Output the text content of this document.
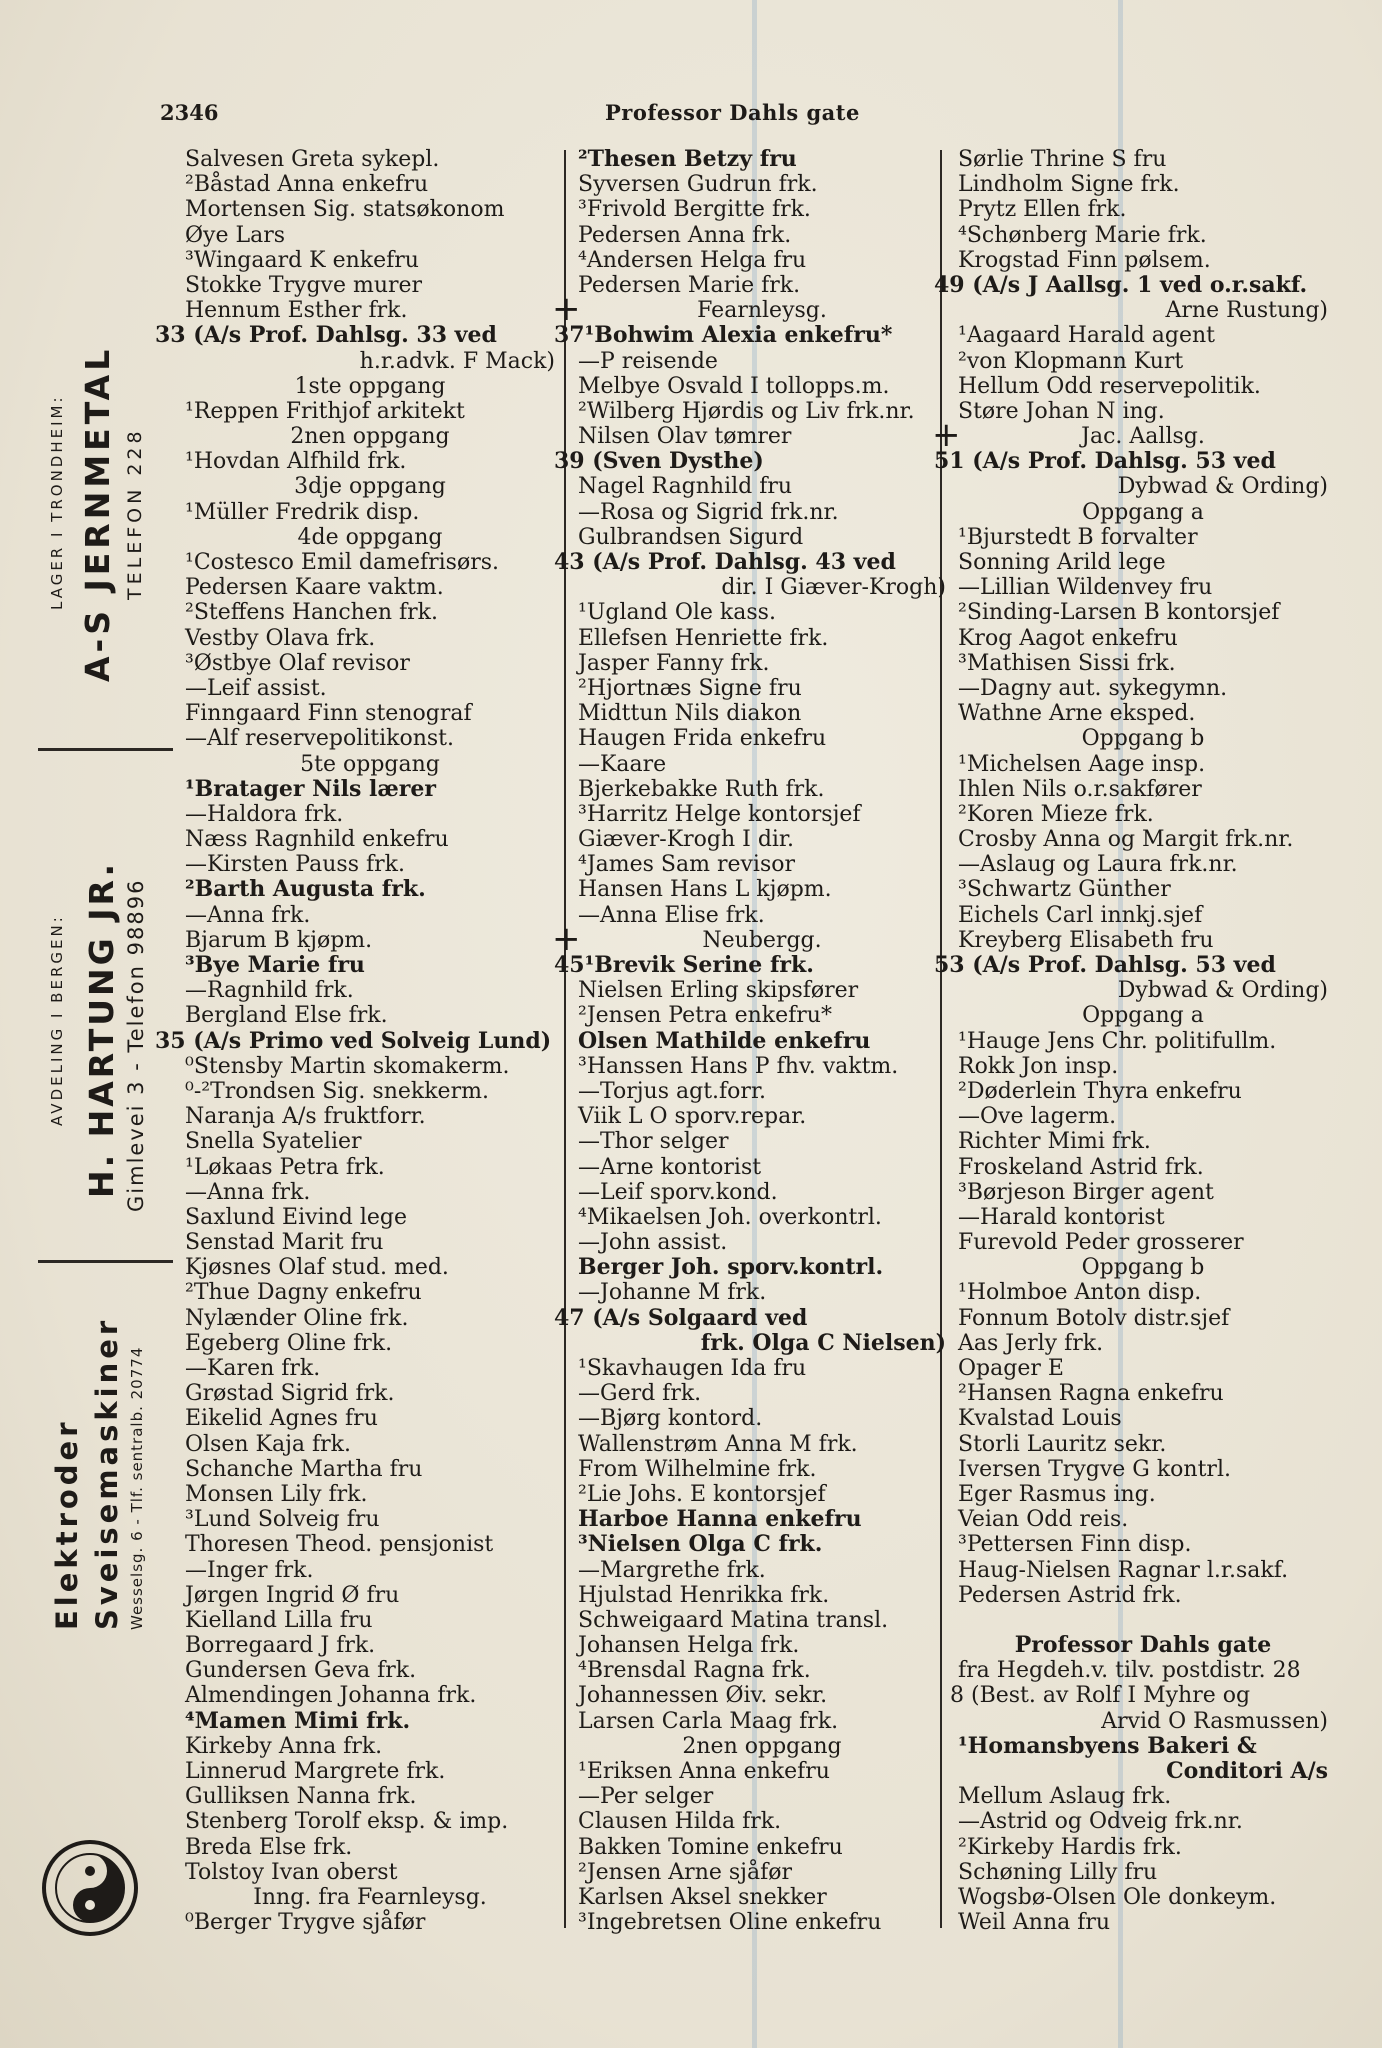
2346	Professor Dahls gate
LAGER I TRONDHEIM: A-S JERNMETAL TELEFON 228
AVDELING I BERGEN: H. HARTUNG JR. Gimlevei 3 - Telefon 98896
Elektroder Sveisemaskiner Wesselsg. 6 - Tlf. sentralb. 20774
Salvesen Greta sykepl.
²Båstad Anna enkefru
Mortensen Sig. statsøkonom
Øye Lars
³Wingaard K enkefru
Stokke Trygve murer
Hennum Esther frk.
33 (A/s Prof. Dahlsg. 33 ved
h.r.advk. F Mack)
1ste oppgang
¹Reppen Frithjof arkitekt
2nen oppgang
¹Hovdan Alfhild frk.
3dje oppgang
¹Müller Fredrik disp.
4de oppgang
¹Costesco Emil damefrisørs.
Pedersen Kaare vaktm.
²Steffens Hanchen frk.
Vestby Olava frk.
³Østbye Olaf revisor
—Leif assist.
Finngaard Finn stenograf
—Alf reservepolitikonst.
5te oppgang
¹Bratager Nils lærer
—Haldora frk.
Næss Ragnhild enkefru
—Kirsten Pauss frk.
²Barth Augusta frk.
—Anna frk.
Bjarum B kjøpm.
³Bye Marie fru
—Ragnhild frk.
Bergland Else frk.
35 (A/s Primo ved Solveig Lund)
⁰Stensby Martin skomakerm.
⁰-²Trondsen Sig. snekkerm.
Naranja A/s fruktforr.
Snella Syatelier
¹Løkaas Petra frk.
—Anna frk.
Saxlund Eivind lege
Senstad Marit fru
Kjøsnes Olaf stud. med.
²Thue Dagny enkefru
Nylænder Oline frk.
Egeberg Oline frk.
—Karen frk.
Grøstad Sigrid frk.
Eikelid Agnes fru
Olsen Kaja frk.
Schanche Martha fru
Monsen Lily frk.
³Lund Solveig fru
Thoresen Theod. pensjonist
—Inger frk.
Jørgen Ingrid Ø fru
Kielland Lilla fru
Borregaard J frk.
Gundersen Geva frk.
Almendingen Johanna frk.
⁴Mamen Mimi frk.
Kirkeby Anna frk.
Linnerud Margrete frk.
Gulliksen Nanna frk.
Stenberg Torolf eksp. & imp.
Breda Else frk.
Tolstoy Ivan oberst
Inng. fra Fearnleysg.
⁰Berger Trygve sjåfør
²Thesen Betzy fru
Syversen Gudrun frk.
³Frivold Bergitte frk.
Pedersen Anna frk.
⁴Andersen Helga fru
Pedersen Marie frk.
Fearnleysg.
+
37¹Bohwim Alexia enkefru*
—P reisende
Melbye Osvald I tollopps.m.
²Wilberg Hjørdis og Liv frk.nr.
Nilsen Olav tømrer
39 (Sven Dysthe)
Nagel Ragnhild fru
—Rosa og Sigrid frk.nr.
Gulbrandsen Sigurd
43 (A/s Prof. Dahlsg. 43 ved
dir. I Giæver-Krogh)
¹Ugland Ole kass.
Ellefsen Henriette frk.
Jasper Fanny frk.
²Hjortnæs Signe fru
Midttun Nils diakon
Haugen Frida enkefru
—Kaare
Bjerkebakke Ruth frk.
³Harritz Helge kontorsjef
Giæver-Krogh I dir.
⁴James Sam revisor
Hansen Hans L kjøpm.
—Anna Elise frk.
Neubergg.
+
45¹Brevik Serine frk.
Nielsen Erling skipsfører
²Jensen Petra enkefru*
Olsen Mathilde enkefru
³Hanssen Hans P fhv. vaktm.
—Torjus agt.forr.
Viik L O sporv.repar.
—Thor selger
—Arne kontorist
—Leif sporv.kond.
⁴Mikaelsen Joh. overkontrl.
—John assist.
Berger Joh. sporv.kontrl.
—Johanne M frk.
47 (A/s Solgaard ved
frk. Olga C Nielsen)
¹Skavhaugen Ida fru
—Gerd frk.
—Bjørg kontord.
Wallenstrøm Anna M frk.
From Wilhelmine frk.
²Lie Johs. E kontorsjef
Harboe Hanna enkefru
³Nielsen Olga C frk.
—Margrethe frk.
Hjulstad Henrikka frk.
Schweigaard Matina transl.
Johansen Helga frk.
⁴Brensdal Ragna frk.
Johannessen Øiv. sekr.
Larsen Carla Maag frk.
2nen oppgang
¹Eriksen Anna enkefru
—Per selger
Clausen Hilda frk.
Bakken Tomine enkefru
²Jensen Arne sjåfør
Karlsen Aksel snekker
³Ingebretsen Oline enkefru
Sørlie Thrine S fru
Lindholm Signe frk.
Prytz Ellen frk.
⁴Schønberg Marie frk.
Krogstad Finn pølsem.
49 (A/s J Aallsg. 1 ved o.r.sakf.
Arne Rustung)
¹Aagaard Harald agent
²von Klopmann Kurt
Hellum Odd reservepolitik.
Støre Johan N ing.
Jac. Aallsg.
+
51 (A/s Prof. Dahlsg. 53 ved
Dybwad & Ording)
Oppgang a
¹Bjurstedt B forvalter
Sonning Arild lege
—Lillian Wildenvey fru
²Sinding-Larsen B kontorsjef
Krog Aagot enkefru
³Mathisen Sissi frk.
—Dagny aut. sykegymn.
Wathne Arne eksped.
Oppgang b
¹Michelsen Aage insp.
Ihlen Nils o.r.sakfører
²Koren Mieze frk.
Crosby Anna og Margit frk.nr.
—Aslaug og Laura frk.nr.
³Schwartz Günther
Eichels Carl innkj.sjef
Kreyberg Elisabeth fru
53 (A/s Prof. Dahlsg. 53 ved
Dybwad & Ording)
Oppgang a
¹Hauge Jens Chr. politifullm.
Rokk Jon insp.
²Døderlein Thyra enkefru
—Ove lagerm.
Richter Mimi frk.
Froskeland Astrid frk.
³Børjeson Birger agent
—Harald kontorist
Furevold Peder grosserer
Oppgang b
¹Holmboe Anton disp.
Fonnum Botolv distr.sjef
Aas Jerly frk.
Opager E
²Hansen Ragna enkefru
Kvalstad Louis
Storli Lauritz sekr.
Iversen Trygve G kontrl.
Eger Rasmus ing.
Veian Odd reis.
³Pettersen Finn disp.
Haug-Nielsen Ragnar l.r.sakf.
Pedersen Astrid frk.
Professor Dahls gate
fra Hegdeh.v. tilv. postdistr. 28
8 (Best. av Rolf I Myhre og
Arvid O Rasmussen)
¹Homansbyens Bakeri &
Conditori A/s
Mellum Aslaug frk.
—Astrid og Odveig frk.nr.
²Kirkeby Hardis frk.
Schøning Lilly fru
Wogsbø-Olsen Ole donkeym.
Weil Anna fru
